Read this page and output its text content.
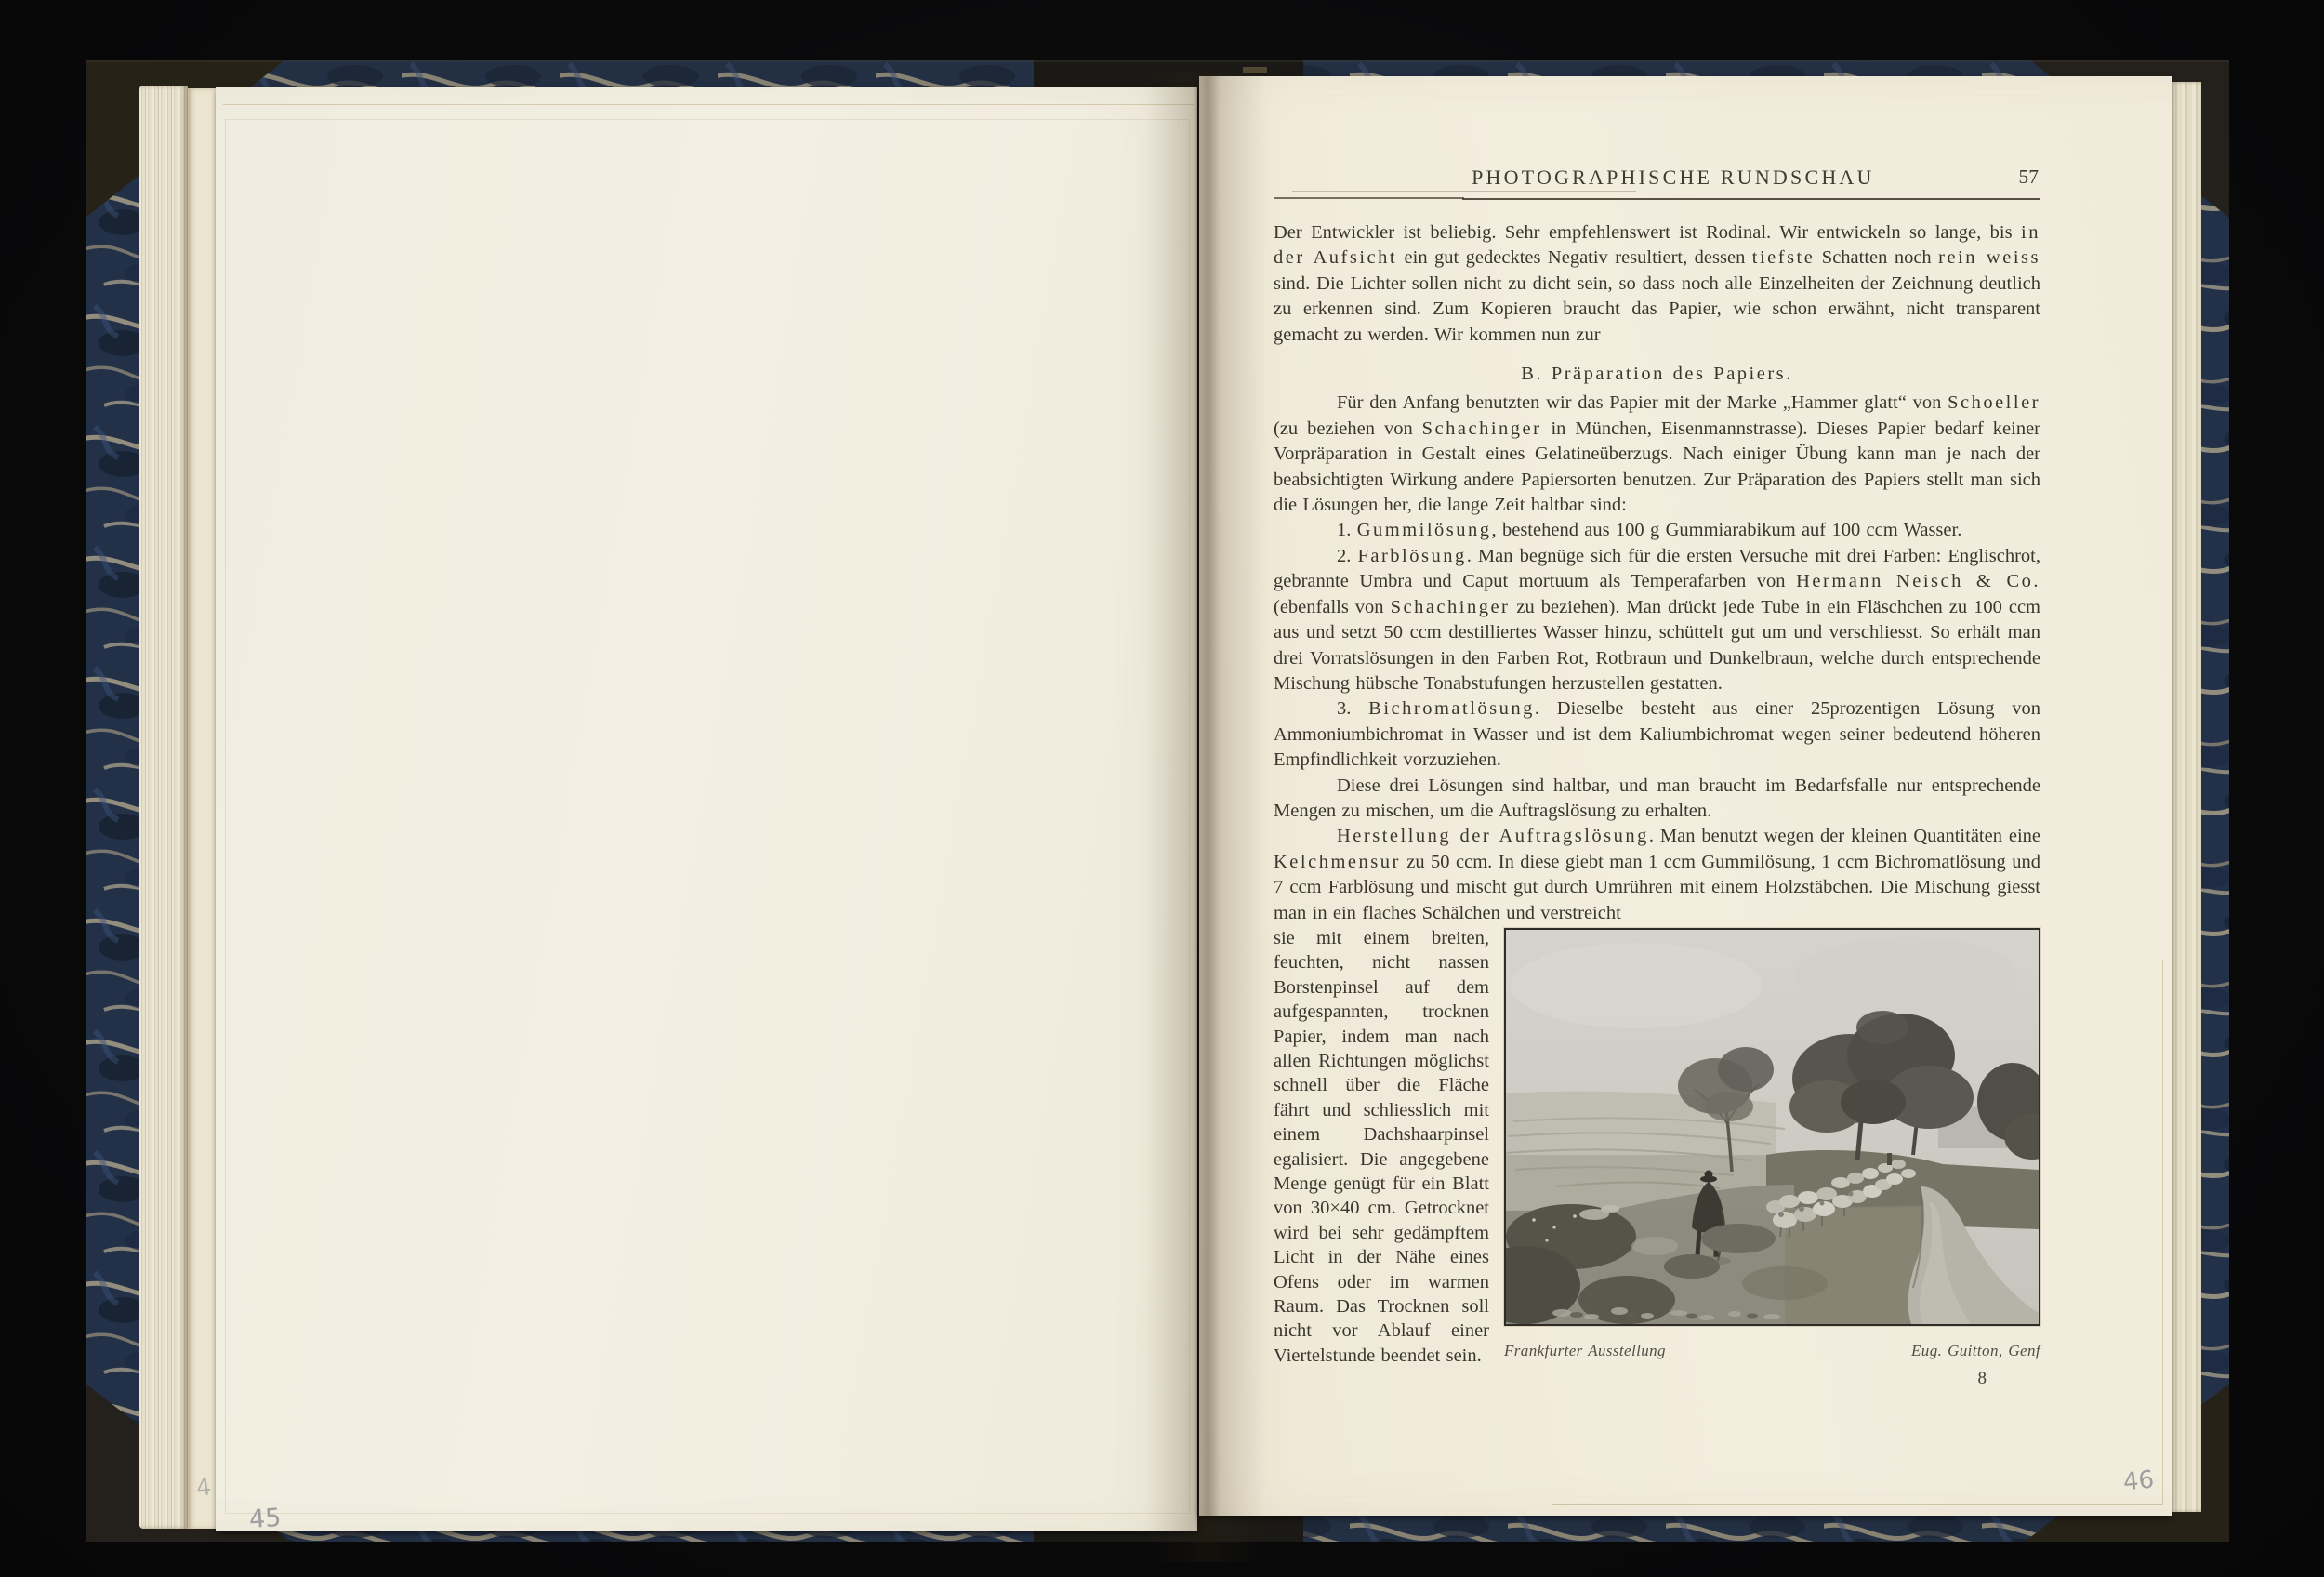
4
45
PHOTOGRAPHISCHE RUNDSCHAU	57

Der Entwickler ist beliebig. Sehr empfehlenswert ist Rodinal. Wir entwickeln so lange, bis in der Aufsicht ein gut gedecktes Negativ resultiert, dessen tiefste Schatten noch rein weiss sind. Die Lichter sollen nicht zu dicht sein, so dass noch alle Einzelheiten der Zeichnung deutlich zu erkennen sind. Zum Kopieren braucht das Papier, wie schon erwähnt, nicht transparent gemacht zu werden. Wir kommen nun zur

B. Präparation des Papiers.

Für den Anfang benutzten wir das Papier mit der Marke „Hammer glatt“ von Schoeller (zu beziehen von Schachinger in München, Eisenmannstrasse). Dieses Papier bedarf keiner Vorpräparation in Gestalt eines Gelatineüberzugs. Nach einiger Übung kann man je nach der beabsichtigten Wirkung andere Papiersorten benutzen. Zur Präparation des Papiers stellt man sich die Lösungen her, die lange Zeit haltbar sind:

1. Gummilösung, bestehend aus 100 g Gummiarabikum auf 100 ccm Wasser.

2. Farblösung. Man begnüge sich für die ersten Versuche mit drei Farben: Englischrot, gebrannte Umbra und Caput mortuum als Temperafarben von Hermann Neisch & Co. (ebenfalls von Schachinger zu beziehen). Man drückt jede Tube in ein Fläschchen zu 100 ccm aus und setzt 50 ccm destilliertes Wasser hinzu, schüttelt gut um und verschliesst. So erhält man drei Vorratslösungen in den Farben Rot, Rotbraun und Dunkelbraun, welche durch entsprechende Mischung hübsche Tonabstufungen herzustellen gestatten.

3. Bichromatlösung. Dieselbe besteht aus einer 25prozentigen Lösung von Ammoniumbichromat in Wasser und ist dem Kaliumbichromat wegen seiner bedeutend höheren Empfindlichkeit vorzuziehen.

Diese drei Lösungen sind haltbar, und man braucht im Bedarfsfalle nur entsprechende Mengen zu mischen, um die Auftragslösung zu erhalten.

Herstellung der Auftragslösung. Man benutzt wegen der kleinen Quantitäten eine Kelchmensur zu 50 ccm. In diese giebt man 1 ccm Gummilösung, 1 ccm Bichromatlösung und 7 ccm Farblösung und mischt gut durch Umrühren mit einem Holzstäbchen. Die Mischung giesst man in ein flaches Schälchen und verstreicht

Frankfurter Ausstellung	Eug. Guitton, Genf
8

sie mit einem breiten, feuchten, nicht nassen Borstenpinsel auf dem aufgespannten, trocknen Papier, indem man nach allen Richtungen möglichst schnell über die Fläche fährt und schliesslich mit einem Dachshaarpinsel egalisiert. Die angegebene Menge genügt für ein Blatt von 30×40 cm. Getrocknet wird bei sehr gedämpftem Licht in der Nähe eines Ofens oder im warmen Raum. Das Trocknen soll nicht vor Ablauf einer Viertelstunde beendet sein.

46
